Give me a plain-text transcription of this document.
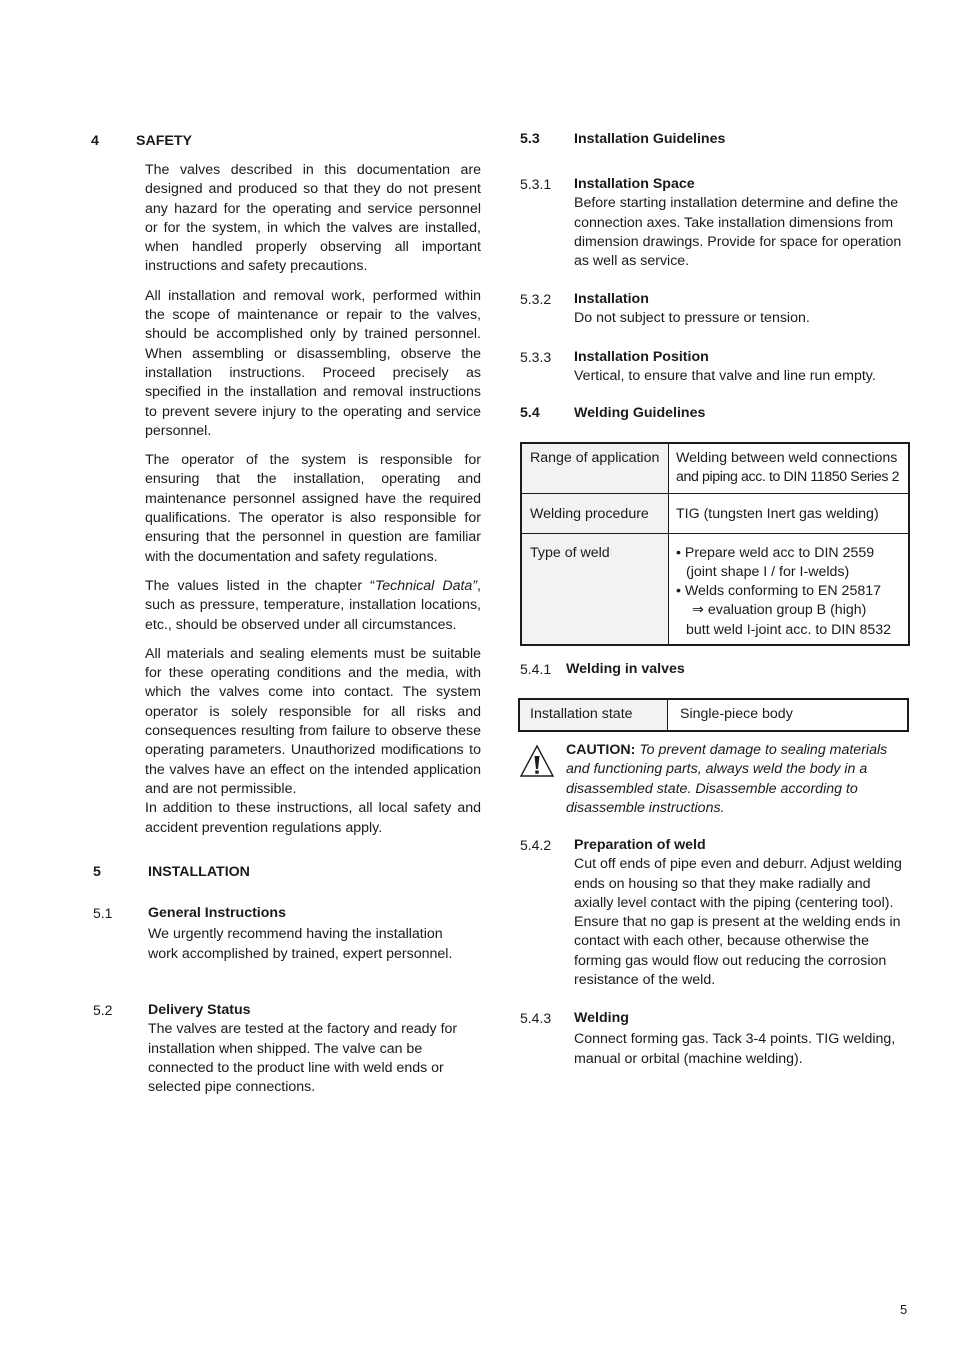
4	SAFETY

The valves described in this documentation are designed and produced so that they do not present any hazard for the operating and service personnel or for the system, in which the valves are installed, when handled properly observing all important instructions and safety precautions.

All installation and removal work, performed within the scope of maintenance or repair to the valves, should be accomplished only by trained personnel. When assembling or disassembling, observe the installation instructions. Proceed precisely as specified in the installation and removal instructions to prevent severe injury to the operating and service personnel.

The operator of the system is responsible for ensuring that the installation, operating and maintenance personnel assigned have the required qualifications. The operator is also responsible for ensuring that the personnel in question are familiar with the documentation and safety regulations.

The values listed in the chapter “Technical Data”, such as pressure, temperature, installation locations, etc., should be observed under all circumstances.

All materials and sealing elements must be suitable for these operating conditions and the media, with which the valves come into contact. The system operator is solely responsible for all risks and consequences resulting from failure to observe these operating parameters. Unauthorized modifications to the valves have an effect on the intended application and are not permissible.

In addition to these instructions, all local safety and accident prevention regulations apply.

5	INSTALLATION
5.1	General Instructions
We urgently recommend having the installation work accomplished by trained, expert personnel.
5.2	Delivery Status
The valves are tested at the factory and ready for installation when shipped. The valve can be connected to the product line with weld ends or selected pipe connections.
5.3 Installation Guidelines
5.3.1 Installation Space
Before starting installation determine and define the connection axes. Take installation dimensions from dimension drawings. Provide for space for operation as well as service.
5.3.2 Installation
Do not subject to pressure or tension.
5.3.3 Installation Position
Vertical, to ensure that valve and line run empty.
5.4 Welding Guidelines
Range of application	Welding between weld connections
and piping acc. to DIN 11850 Series 2

Welding procedure	TIG (tungsten Inert gas welding)
Type of weld	• Prepare weld acc to DIN 2559
(joint shape I / for I-welds)
• Welds conforming to EN 25817
⇒ evaluation group B (high)
butt weld I-joint acc. to DIN 8532
5.4.1 Welding in valves
Installation state	Single-piece body
CAUTION: To prevent damage to sealing materials and functioning parts, always weld the body in a disassembled state. Disassemble according to disassemble instructions.
5.4.2 Preparation of weld
Cut off ends of pipe even and deburr. Adjust welding ends on housing so that they make radially and axially level contact with the piping (centering tool). Ensure that no gap is present at the welding ends in contact with each other, because otherwise the forming gas would flow out reducing the corrosion resistance of the weld.
5.4.3 Welding
Connect forming gas. Tack 3-4 points. TIG welding, manual or orbital (machine welding).
5
